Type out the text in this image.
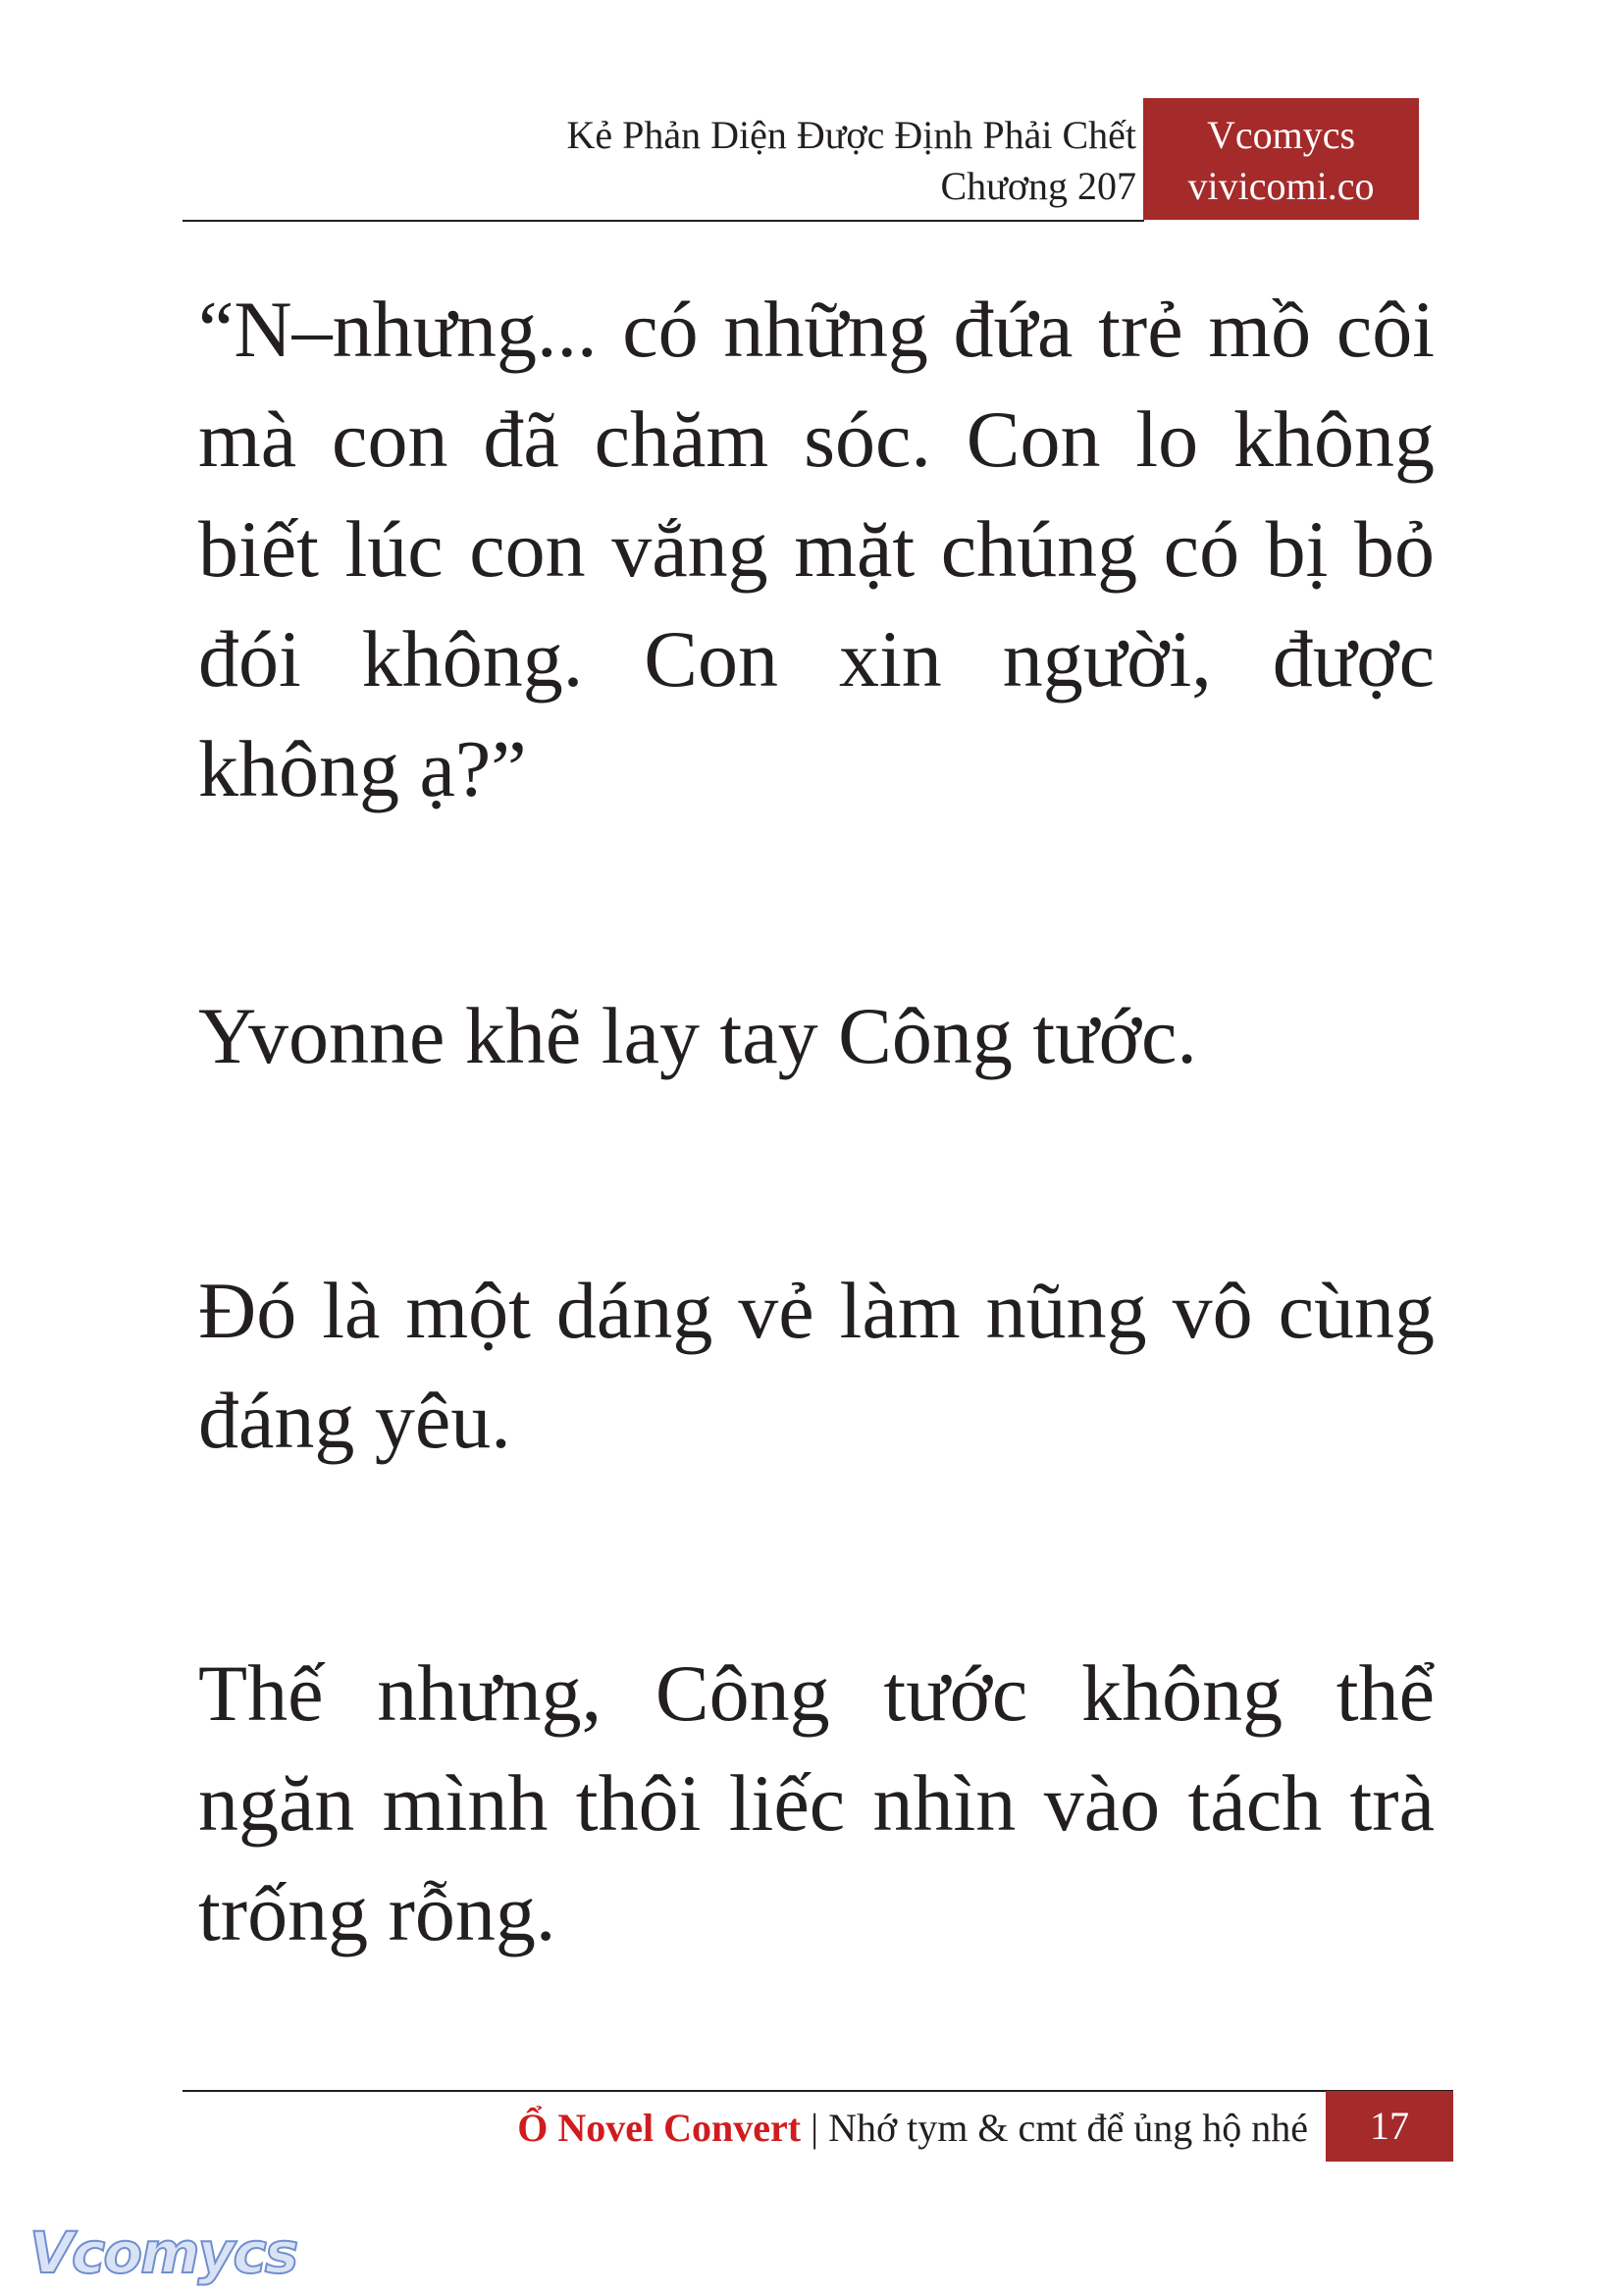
Kẻ Phản Diện Được Định Phải Chết
Chương 207
Vcomycs
vivicomi.co

“N–nhưng... có những đứa trẻ mồ côi mà con đã chăm sóc. Con lo không biết lúc con vắng mặt chúng có bị bỏ đói không. Con xin người, được không ạ?”

Yvonne khẽ lay tay Công tước.

Đó là một dáng vẻ làm nũng vô cùng đáng yêu.

Thế nhưng, Công tước không thể ngăn mình thôi liếc nhìn vào tách trà trống rỗng.

Ổ Novel Convert | Nhớ tym & cmt để ủng hộ nhé	17
Vcomycs
